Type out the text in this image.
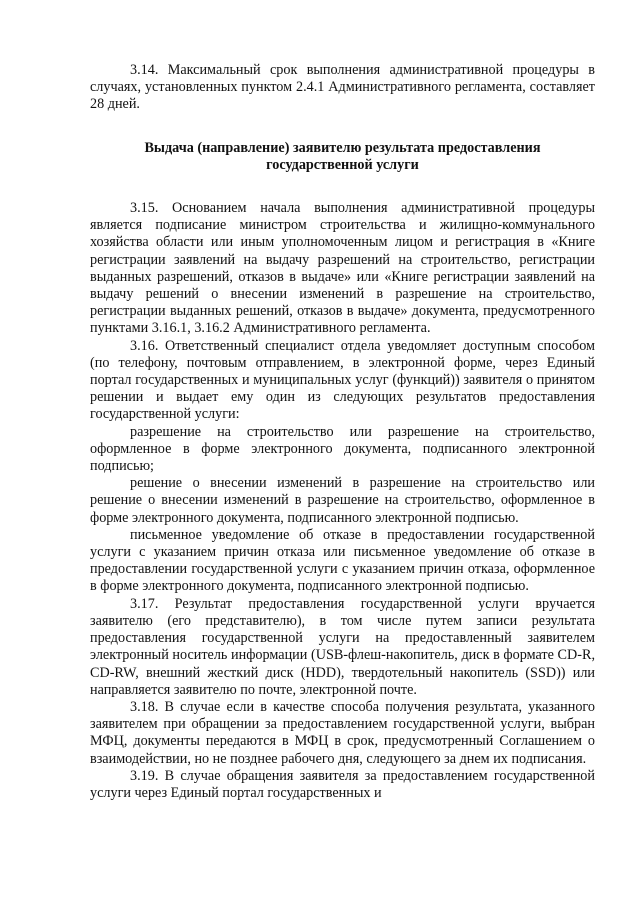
3.14. Максимальный срок выполнения административной процедуры в случаях, установленных пунктом 2.4.1 Административного регламента, составляет 28 дней.

Выдача (направление) заявителю результата предоставления государственной услуги

3.15. Основанием начала выполнения административной процедуры является подписание министром строительства и жилищно-коммунального хозяйства области или иным уполномоченным лицом и регистрация в «Книге регистрации заявлений на выдачу разрешений на строительство, регистрации выданных разрешений, отказов в выдаче» или «Книге регистрации заявлений на выдачу решений о внесении изменений в разрешение на строительство, регистрации выданных решений, отказов в выдаче» документа, предусмотренного пунктами 3.16.1, 3.16.2 Административного регламента.

3.16. Ответственный специалист отдела уведомляет доступным способом (по телефону, почтовым отправлением, в электронной форме, через Единый портал государственных и муниципальных услуг (функций)) заявителя о принятом решении и выдает ему один из следующих результатов предоставления государственной услуги:

разрешение на строительство или разрешение на строительство, оформленное в форме электронного документа, подписанного электронной подписью;

решение о внесении изменений в разрешение на строительство или решение о внесении изменений в разрешение на строительство, оформленное в форме электронного документа, подписанного электронной подписью.

письменное уведомление об отказе в предоставлении государственной услуги с указанием причин отказа или письменное уведомление об отказе в предоставлении государственной услуги с указанием причин отказа, оформленное в форме электронного документа, подписанного электронной подписью.

3.17. Результат предоставления государственной услуги вручается заявителю (его представителю), в том числе путем записи результата предоставления государственной услуги на предоставленный заявителем электронный носитель информации (USB-флеш-накопитель, диск в формате CD-R, CD-RW, внешний жесткий диск (HDD), твердотельный накопитель (SSD)) или направляется заявителю по почте, электронной почте.

3.18. В случае если в качестве способа получения результата, указанного заявителем при обращении за предоставлением государственной услуги, выбран МФЦ, документы передаются в МФЦ в срок, предусмотренный Соглашением о взаимодействии, но не позднее рабочего дня, следующего за днем их подписания.

3.19. В случае обращения заявителя за предоставлением государственной услуги через Единый портал государственных и
